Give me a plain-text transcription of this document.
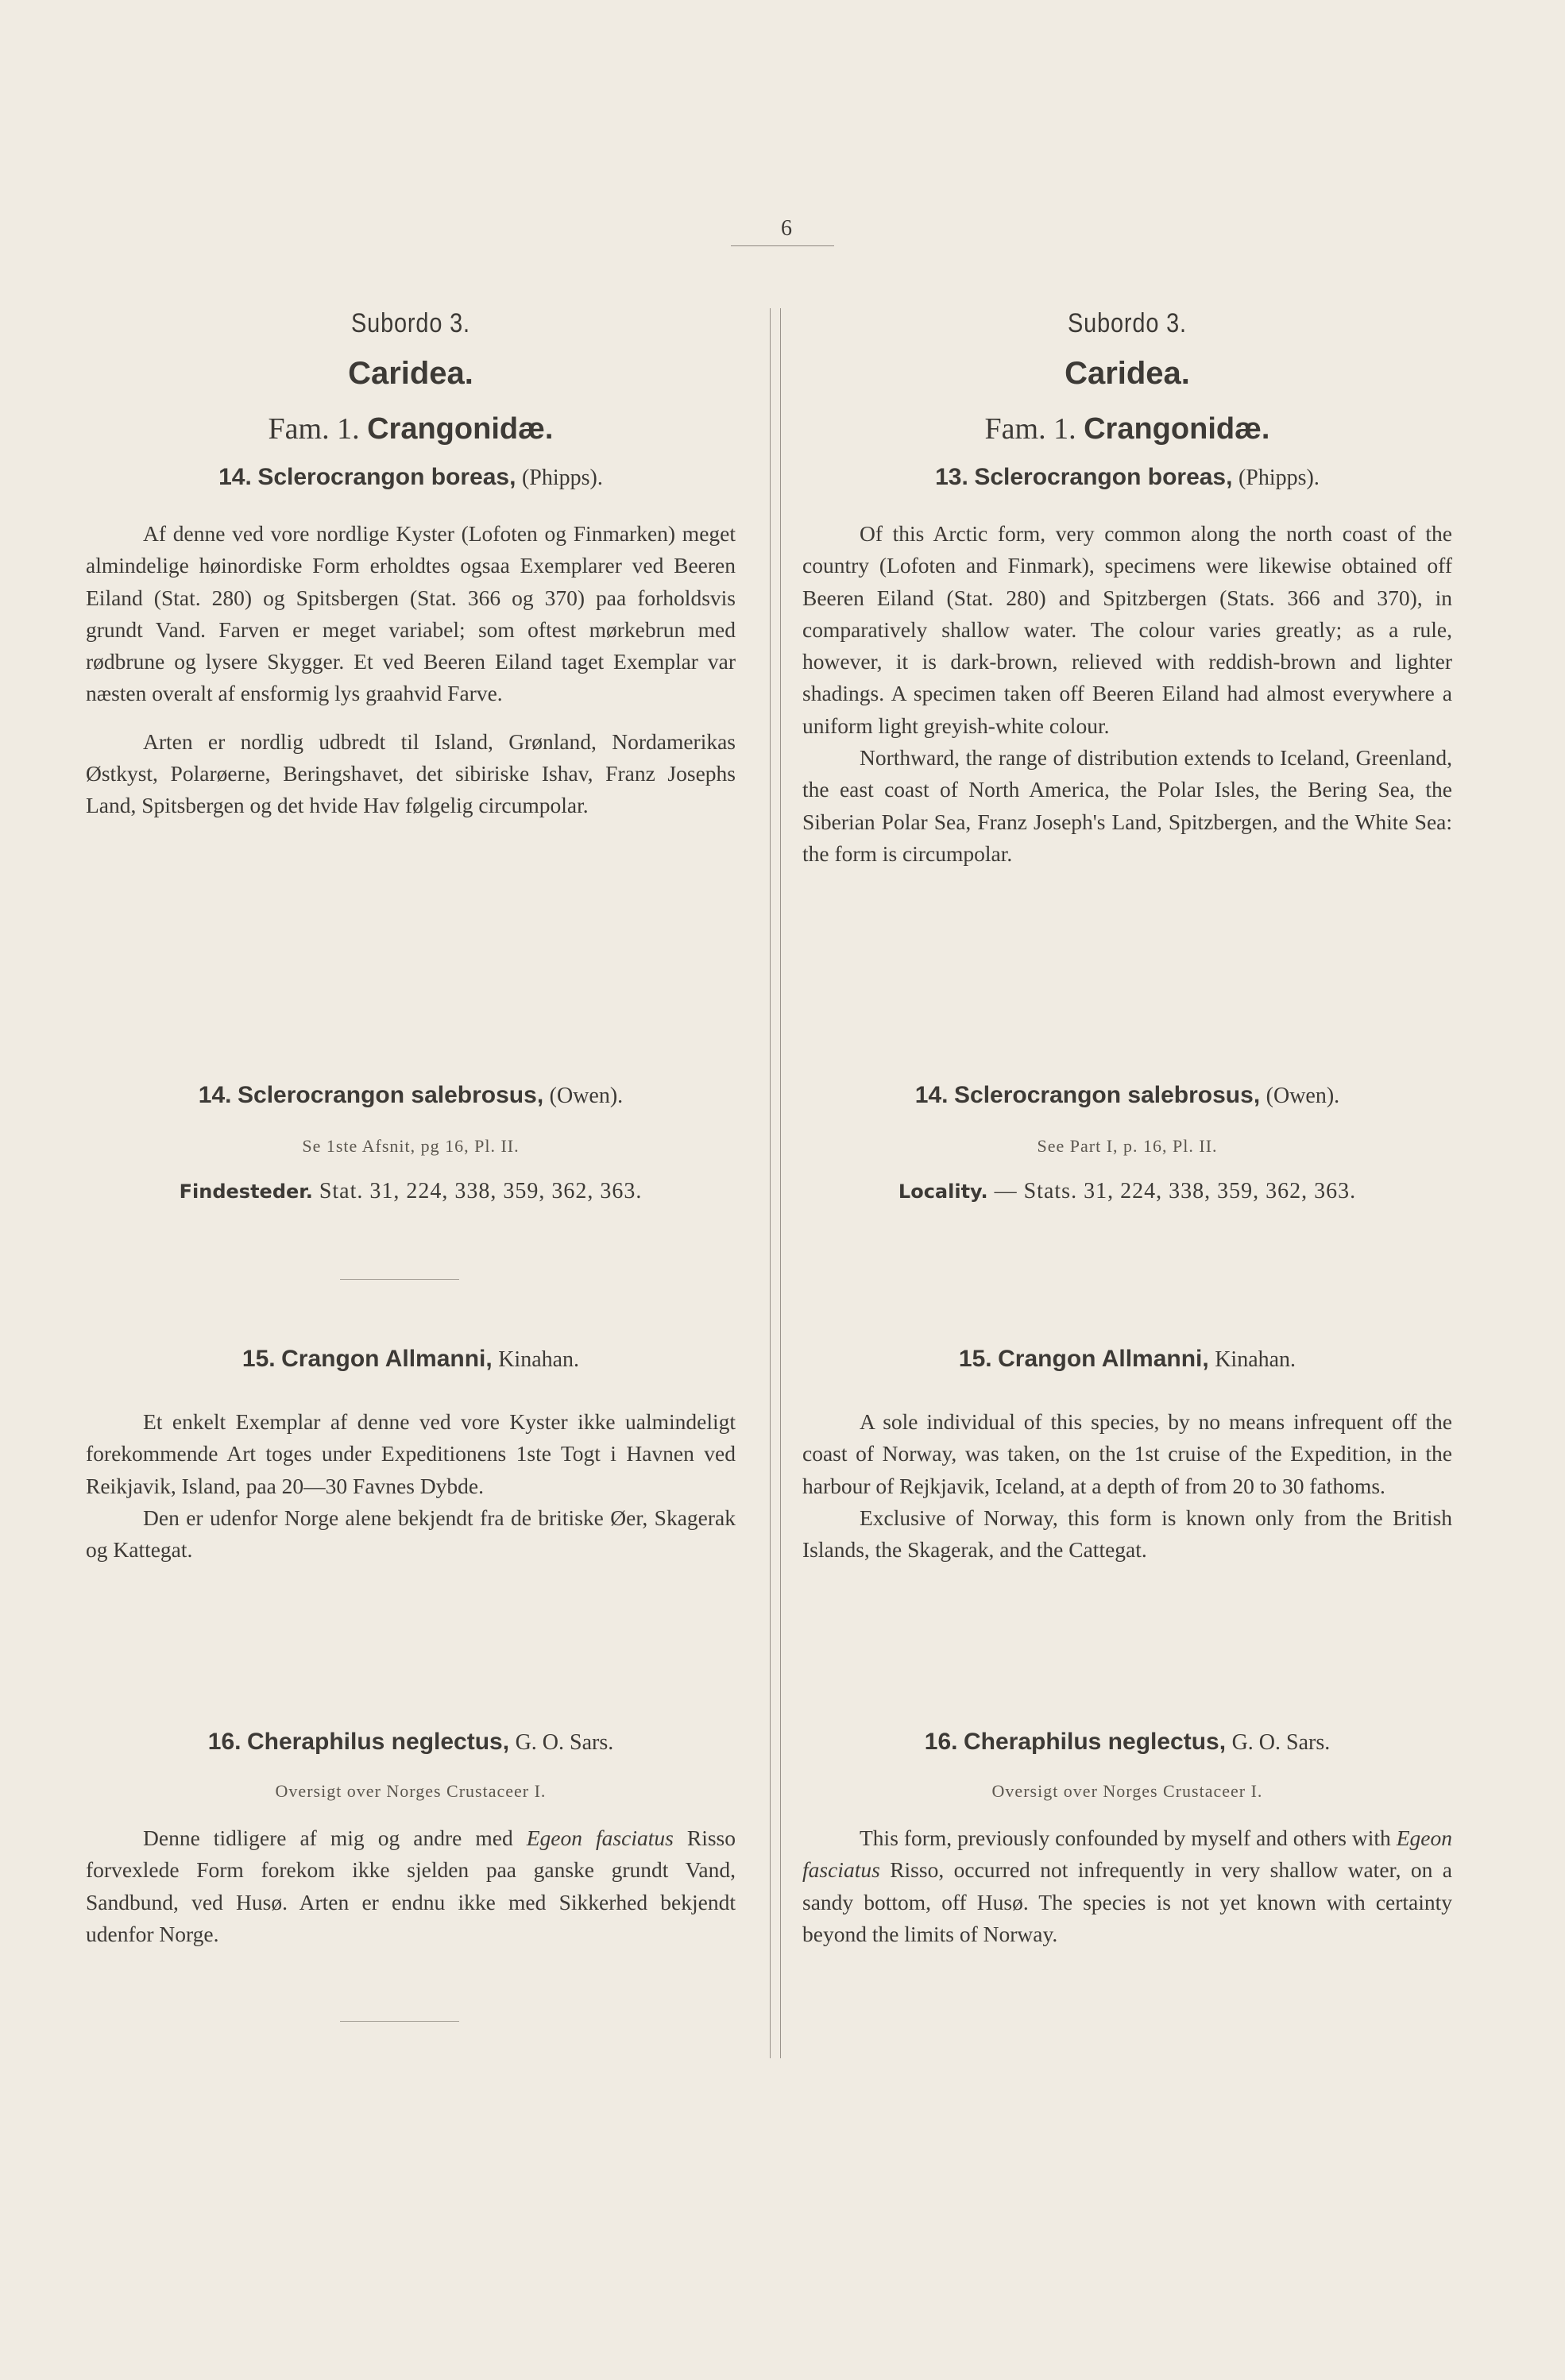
6
Subordo 3.
Caridea.
Fam. 1. Crangonidæ.
14. Sclerocrangon boreas, (Phipps).

Af denne ved vore nordlige Kyster (Lofoten og Finmarken) meget almindelige høinordiske Form erholdtes ogsaa Exemplarer ved Beeren Eiland (Stat. 280) og Spitsbergen (Stat. 366 og 370) paa forholdsvis grundt Vand. Farven er meget variabel; som oftest mørkebrun med rødbrune og lysere Skygger. Et ved Beeren Eiland taget Exemplar var næsten overalt af ensformig lys graahvid Farve.

Arten er nordlig udbredt til Island, Grønland, Nordamerikas Østkyst, Polarøerne, Beringshavet, det sibiriske Ishav, Franz Josephs Land, Spitsbergen og det hvide Hav følgelig circumpolar.

14. Sclerocrangon salebrosus, (Owen).
Se 1ste Afsnit, pg 16, Pl. II.
Findesteder. Stat. 31, 224, 338, 359, 362, 363.
15. Crangon Allmanni, Kinahan.

Et enkelt Exemplar af denne ved vore Kyster ikke ualmindeligt forekommende Art toges under Expeditionens 1ste Togt i Havnen ved Reikjavik, Island, paa 20—30 Favnes Dybde.

Den er udenfor Norge alene bekjendt fra de britiske Øer, Skagerak og Kattegat.

16. Cheraphilus neglectus, G. O. Sars.
Oversigt over Norges Crustaceer I.

Denne tidligere af mig og andre med Egeon fasciatus Risso forvexlede Form forekom ikke sjelden paa ganske grundt Vand, Sandbund, ved Husø. Arten er endnu ikke med Sikkerhed bekjendt udenfor Norge.

Subordo 3.
Caridea.
Fam. 1. Crangonidæ.
13. Sclerocrangon boreas, (Phipps).

Of this Arctic form, very common along the north coast of the country (Lofoten and Finmark), specimens were likewise obtained off Beeren Eiland (Stat. 280) and Spitzbergen (Stats. 366 and 370), in comparatively shallow water. The colour varies greatly; as a rule, however, it is dark-brown, relieved with reddish-brown and lighter shadings. A specimen taken off Beeren Eiland had almost everywhere a uniform light greyish-white colour.

Northward, the range of distribution extends to Iceland, Greenland, the east coast of North America, the Polar Isles, the Bering Sea, the Siberian Polar Sea, Franz Joseph's Land, Spitzbergen, and the White Sea: the form is circumpolar.

14. Sclerocrangon salebrosus, (Owen).
See Part I, p. 16, Pl. II.
Locality. — Stats. 31, 224, 338, 359, 362, 363.
15. Crangon Allmanni, Kinahan.

A sole individual of this species, by no means infrequent off the coast of Norway, was taken, on the 1st cruise of the Expedition, in the harbour of Rejkjavik, Iceland, at a depth of from 20 to 30 fathoms.

Exclusive of Norway, this form is known only from the British Islands, the Skagerak, and the Cattegat.

16. Cheraphilus neglectus, G. O. Sars.
Oversigt over Norges Crustaceer I.

This form, previously confounded by myself and others with Egeon fasciatus Risso, occurred not infrequently in very shallow water, on a sandy bottom, off Husø. The species is not yet known with certainty beyond the limits of Norway.
